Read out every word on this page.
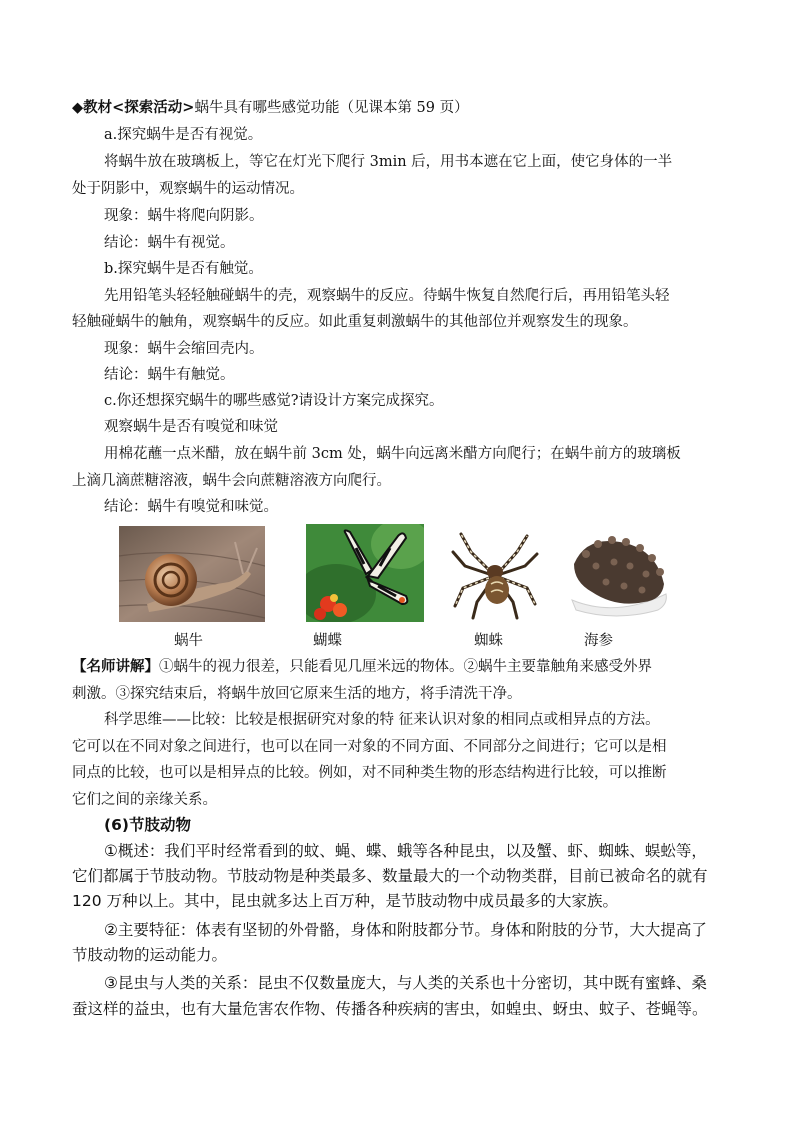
◆教材<探索活动>蜗牛具有哪些感觉功能（见课本第 59 页）
a.探究蜗牛是否有视觉。
将蜗牛放在玻璃板上，等它在灯光下爬行 3min 后，用书本遮在它上面，使它身体的一半
处于阴影中，观察蜗牛的运动情况。
现象：蜗牛将爬向阴影。
结论：蜗牛有视觉。
b.探究蜗牛是否有触觉。
先用铅笔头轻轻触碰蜗牛的壳，观察蜗牛的反应。待蜗牛恢复自然爬行后，再用铅笔头轻
轻触碰蜗牛的触角，观察蜗牛的反应。如此重复刺激蜗牛的其他部位并观察发生的现象。
现象：蜗牛会缩回壳内。
结论：蜗牛有触觉。
c.你还想探究蜗牛的哪些感觉?请设计方案完成探究。
观察蜗牛是否有嗅觉和味觉
用棉花蘸一点米醋，放在蜗牛前 3cm 处，蜗牛向远离米醋方向爬行；在蜗牛前方的玻璃板
上滴几滴蔗糖溶液，蜗牛会向蔗糖溶液方向爬行。
结论：蜗牛有嗅觉和味觉。
蜗牛	蝴蝶	蜘蛛	海参
【名师讲解】①蜗牛的视力很差，只能看见几厘米远的物体。②蜗牛主要靠触角来感受外界
刺激。③探究结束后，将蜗牛放回它原来生活的地方，将手清洗干净。
科学思维——比较：比较是根据研究对象的特 征来认识对象的相同点或相异点的方法。
它可以在不同对象之间进行，也可以在同一对象的不同方面、不同部分之间进行；它可以是相
同点的比较，也可以是相异点的比较。例如，对不同种类生物的形态结构进行比较，可以推断
它们之间的亲缘关系。
(6)节肢动物
①概述：我们平时经常看到的蚊、蝇、蝶、蛾等各种昆虫，以及蟹、虾、蜘蛛、蜈蚣等，
它们都属于节肢动物。节肢动物是种类最多、数量最大的一个动物类群，目前已被命名的就有
120 万种以上。其中，昆虫就多达上百万种，是节肢动物中成员最多的大家族。
②主要特征：体表有坚韧的外骨骼，身体和附肢都分节。身体和附肢的分节，大大提高了
节肢动物的运动能力。
③昆虫与人类的关系：昆虫不仅数量庞大，与人类的关系也十分密切，其中既有蜜蜂、桑
蚕这样的益虫，也有大量危害农作物、传播各种疾病的害虫，如蝗虫、蚜虫、蚊子、苍蝇等。
